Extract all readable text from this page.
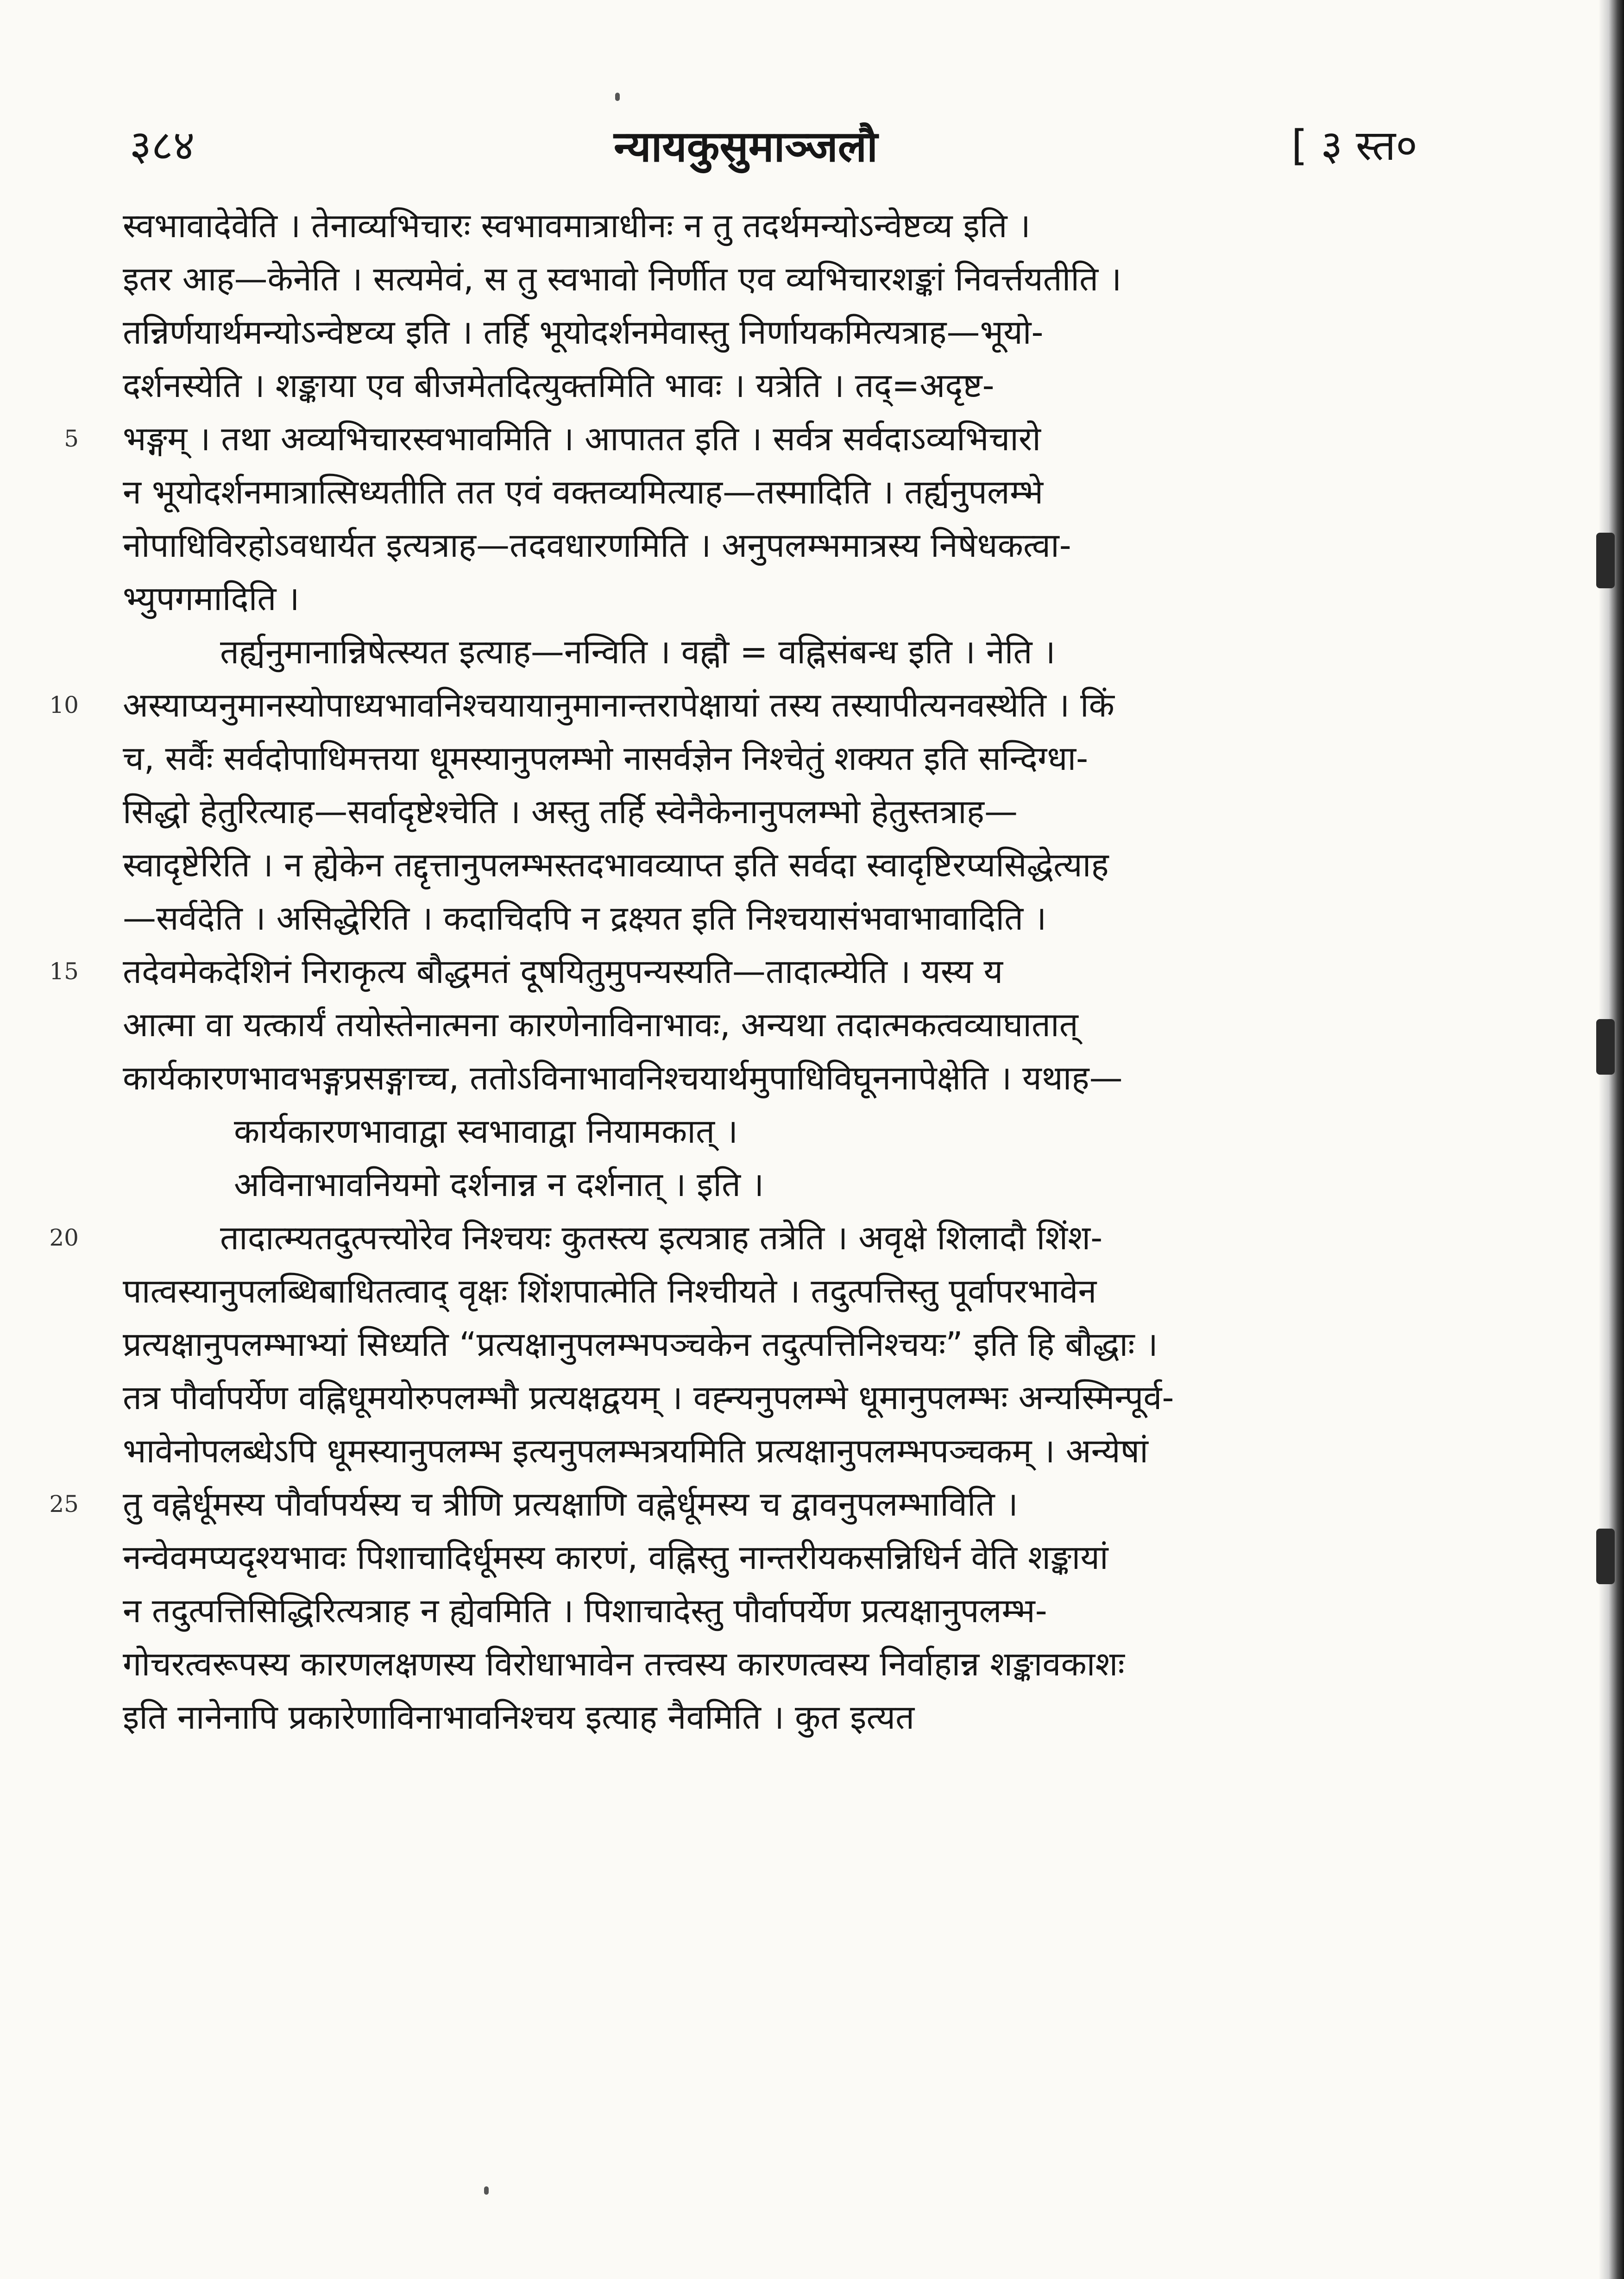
३८४	न्यायकुसुमाञ्जलौ	[ ३ स्त०
स्वभावादेवेति । तेनाव्यभिचारः स्वभावमात्राधीनः न तु तदर्थमन्योऽन्वेष्टव्य इति ।
इतर आह—केनेति । सत्यमेवं, स तु स्वभावो निर्णीत एव व्यभिचारशङ्कां निवर्त्तयतीति ।
तन्निर्णयार्थमन्योऽन्वेष्टव्य इति । तर्हि भूयोदर्शनमेवास्तु निर्णायकमित्यत्राह—भूयो-
दर्शनस्येति । शङ्काया एव बीजमेतदित्युक्तमिति भावः । यत्रेति । तद्=अदृष्ट-
5 भङ्गम् । तथा अव्यभिचारस्वभावमिति । आपातत इति । सर्वत्र सर्वदाऽव्यभिचारो
न भूयोदर्शनमात्रात्सिध्यतीति तत एवं वक्तव्यमित्याह—तस्मादिति । तर्ह्यनुपलम्भे
नोपाधिविरहोऽवधार्यत इत्यत्राह—तदवधारणमिति । अनुपलम्भमात्रस्य निषेधकत्वा-
भ्युपगमादिति ।
तर्ह्यनुमानान्निषेत्स्यत इत्याह—नन्विति । वह्नौ = वह्निसंबन्ध इति । नेति ।
10 अस्याप्यनुमानस्योपाध्यभावनिश्चयायानुमानान्तरापेक्षायां तस्य तस्यापीत्यनवस्थेति । किं
च, सर्वैः सर्वदोपाधिमत्तया धूमस्यानुपलम्भो नासर्वज्ञेन निश्चेतुं शक्यत इति सन्दिग्धा-
सिद्धो हेतुरित्याह—सर्वादृष्टेश्चेति । अस्तु तर्हि स्वेनैकेनानुपलम्भो हेतुस्तत्राह—
स्वादृष्टेरिति । न ह्येकेन तद्दृत्तानुपलम्भस्तदभावव्याप्त इति सर्वदा स्वादृष्टिरप्यसिद्धेत्याह
—सर्वदेति । असिद्धेरिति । कदाचिदपि न द्रक्ष्यत इति निश्चयासंभवाभावादिति ।
15 तदेवमेकदेशिनं निराकृत्य बौद्धमतं दूषयितुमुपन्यस्यति—तादात्म्येति । यस्य य
आत्मा वा यत्कार्यं तयोस्तेनात्मना कारणेनाविनाभावः, अन्यथा तदात्मकत्वव्याघातात्
कार्यकारणभावभङ्गप्रसङ्गाच्च, ततोऽविनाभावनिश्चयार्थमुपाधिविघूननापेक्षेति । यथाह—
कार्यकारणभावाद्वा स्वभावाद्वा नियामकात् ।
अविनाभावनियमो दर्शनान्न न दर्शनात् । इति ।
20	तादात्म्यतदुत्पत्त्योरेव निश्चयः कुतस्त्य इत्यत्राह तत्रेति । अवृक्षे शिलादौ शिंश-
पात्वस्यानुपलब्धिबाधितत्वाद् वृक्षः शिंशपात्मेति निश्चीयते । तदुत्पत्तिस्तु पूर्वापरभावेन
प्रत्यक्षानुपलम्भाभ्यां सिध्यति “प्रत्यक्षानुपलम्भपञ्चकेन तदुत्पत्तिनिश्चयः” इति हि बौद्धाः ।
तत्र पौर्वापर्येण वह्निधूमयोरुपलम्भौ प्रत्यक्षद्वयम् । वह्न्यनुपलम्भे धूमानुपलम्भः अन्यस्मिन्पूर्व-
भावेनोपलब्धेऽपि धूमस्यानुपलम्भ इत्यनुपलम्भत्रयमिति प्रत्यक्षानुपलम्भपञ्चकम् । अन्येषां
25 तु वह्नेर्धूमस्य पौर्वापर्यस्य च त्रीणि प्रत्यक्षाणि वह्नेर्धूमस्य च द्वावनुपलम्भाविति ।
नन्वेवमप्यदृश्यभावः पिशाचादिर्धूमस्य कारणं, वह्निस्तु नान्तरीयकसन्निधिर्न वेति शङ्कायां
न तदुत्पत्तिसिद्धिरित्यत्राह न ह्येवमिति । पिशाचादेस्तु पौर्वापर्येण प्रत्यक्षानुपलम्भ-
गोचरत्वरूपस्य कारणलक्षणस्य विरोधाभावेन तत्त्वस्य कारणत्वस्य निर्वाहान्न शङ्कावकाशः
इति नानेनापि प्रकारेणाविनाभावनिश्चय इत्याह नैवमिति । कुत इत्यत
